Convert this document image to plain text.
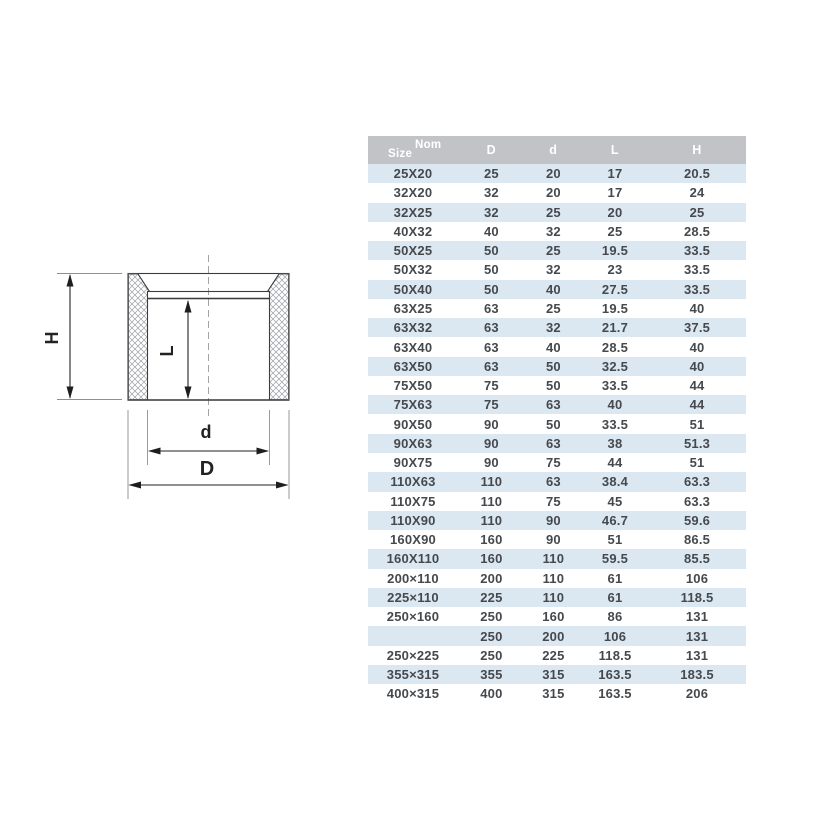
H
L
d
D
Size
Nom	D	d	L	H
25X20	25	20	17	20.5
32X20	32	20	17	24
32X25	32	25	20	25
40X32	40	32	25	28.5
50X25	50	25	19.5	33.5
50X32	50	32	23	33.5
50X40	50	40	27.5	33.5
63X25	63	25	19.5	40
63X32	63	32	21.7	37.5
63X40	63	40	28.5	40
63X50	63	50	32.5	40
75X50	75	50	33.5	44
75X63	75	63	40	44
90X50	90	50	33.5	51
90X63	90	63	38	51.3
90X75	90	75	44	51
110X63	110	63	38.4	63.3
110X75	110	75	45	63.3
110X90	110	90	46.7	59.6
160X90	160	90	51	86.5
160X110	160	110	59.5	85.5
200×110	200	110	61	106
225×110	225	110	61	118.5
250×160	250	160	86	131
	250	200	106	131
250×225	250	225	118.5	131
355×315	355	315	163.5	183.5
400×315	400	315	163.5	206
